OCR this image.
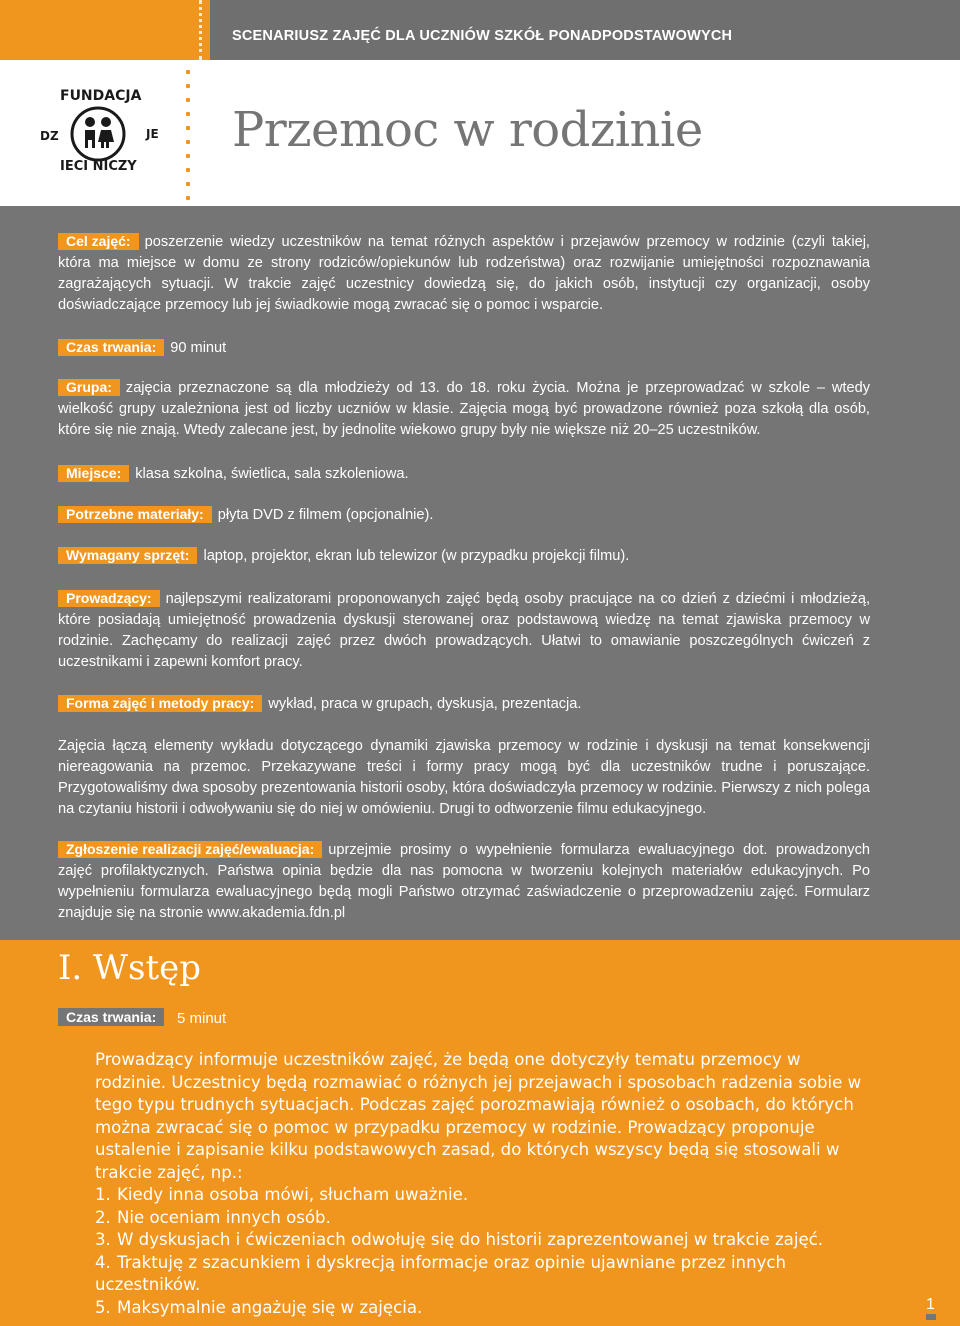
SCENARIUSZ ZAJĘĆ DLA UCZNIÓW SZKÓŁ PONADPODSTAWOWYCH
FUNDACJA
DZ
IECI NICZY
JE Przemoc w rodzinie

Cel zajęć: poszerzenie wiedzy uczestników na temat różnych aspektów i przejawów przemocy w rodzinie (czyli takiej, która ma miejsce w domu ze strony rodziców/opiekunów lub rodzeństwa) oraz rozwijanie umiejętności rozpoznawania zagrażających sytuacji. W trakcie zajęć uczestnicy dowiedzą się, do jakich osób, instytucji czy organizacji, osoby doświadczające przemocy lub jej świadkowie mogą zwracać się o pomoc i wsparcie.

Czas trwania: 90 minut

Grupa: zajęcia przeznaczone są dla młodzieży od 13. do 18. roku życia. Można je przeprowadzać w szkole – wtedy wielkość grupy uzależniona jest od liczby uczniów w klasie. Zajęcia mogą być prowadzone również poza szkołą dla osób, które się nie znają. Wtedy zalecane jest, by jednolite wiekowo grupy były nie większe niż 20–25 uczestników.

Miejsce: klasa szkolna, świetlica, sala szkoleniowa.

Potrzebne materiały: płyta DVD z filmem (opcjonalnie).

Wymagany sprzęt: laptop, projektor, ekran lub telewizor (w przypadku projekcji filmu).

Prowadzący: najlepszymi realizatorami proponowanych zajęć będą osoby pracujące na co dzień z dziećmi i młodzieżą, które posiadają umiejętność prowadzenia dyskusji sterowanej oraz podstawową wiedzę na temat zjawiska przemocy w rodzinie. Zachęcamy do realizacji zajęć przez dwóch prowadzących. Ułatwi to omawianie poszczególnych ćwiczeń z uczestnikami i zapewni komfort pracy.

Forma zajęć i metody pracy: wykład, praca w grupach, dyskusja, prezentacja.

Zajęcia łączą elementy wykładu dotyczącego dynamiki zjawiska przemocy w rodzinie i dyskusji na temat konsekwencji niereagowania na przemoc. Przekazywane treści i formy pracy mogą być dla uczestników trudne i poruszające. Przygotowaliśmy dwa sposoby prezentowania historii osoby, która doświadczyła przemocy w rodzinie. Pierwszy z nich polega na czytaniu historii i odwoływaniu się do niej w omówieniu. Drugi to odtworzenie filmu edukacyjnego.

Zgłoszenie realizacji zajęć/ewaluacja: uprzejmie prosimy o wypełnienie formularza ewaluacyjnego dot. prowadzonych zajęć profilaktycznych. Państwa opinia będzie dla nas pomocna w tworzeniu kolejnych materiałów edukacyjnych. Po wypełnieniu formularza ewaluacyjnego będą mogli Państwo otrzymać zaświadczenie o przeprowadzeniu zajęć. Formularz znajduje się na stronie www.akademia.fdn.pl

I. Wstęp
Czas trwania:	5 minut

Prowadzący informuje uczestników zajęć, że będą one dotyczyły tematu przemocy w rodzinie. Uczestnicy będą rozmawiać o różnych jej przejawach i sposobach radzenia sobie w tego typu trudnych sytuacjach. Podczas zajęć porozmawiają również o osobach, do których można zwracać się o pomoc w przypadku przemocy w rodzinie. Prowadzący proponuje ustalenie i zapisanie kilku podstawowych zasad, do których wszyscy będą się stosowali w trakcie zajęć, np.:

1. Kiedy inna osoba mówi, słucham uważnie.
2. Nie oceniam innych osób.
3. W dyskusjach i ćwiczeniach odwołuję się do historii zaprezentowanej w trakcie zajęć.
4. Traktuję z szacunkiem i dyskrecją informacje oraz opinie ujawniane przez innych uczestników.
5. Maksymalnie angażuję się w zajęcia.	1
